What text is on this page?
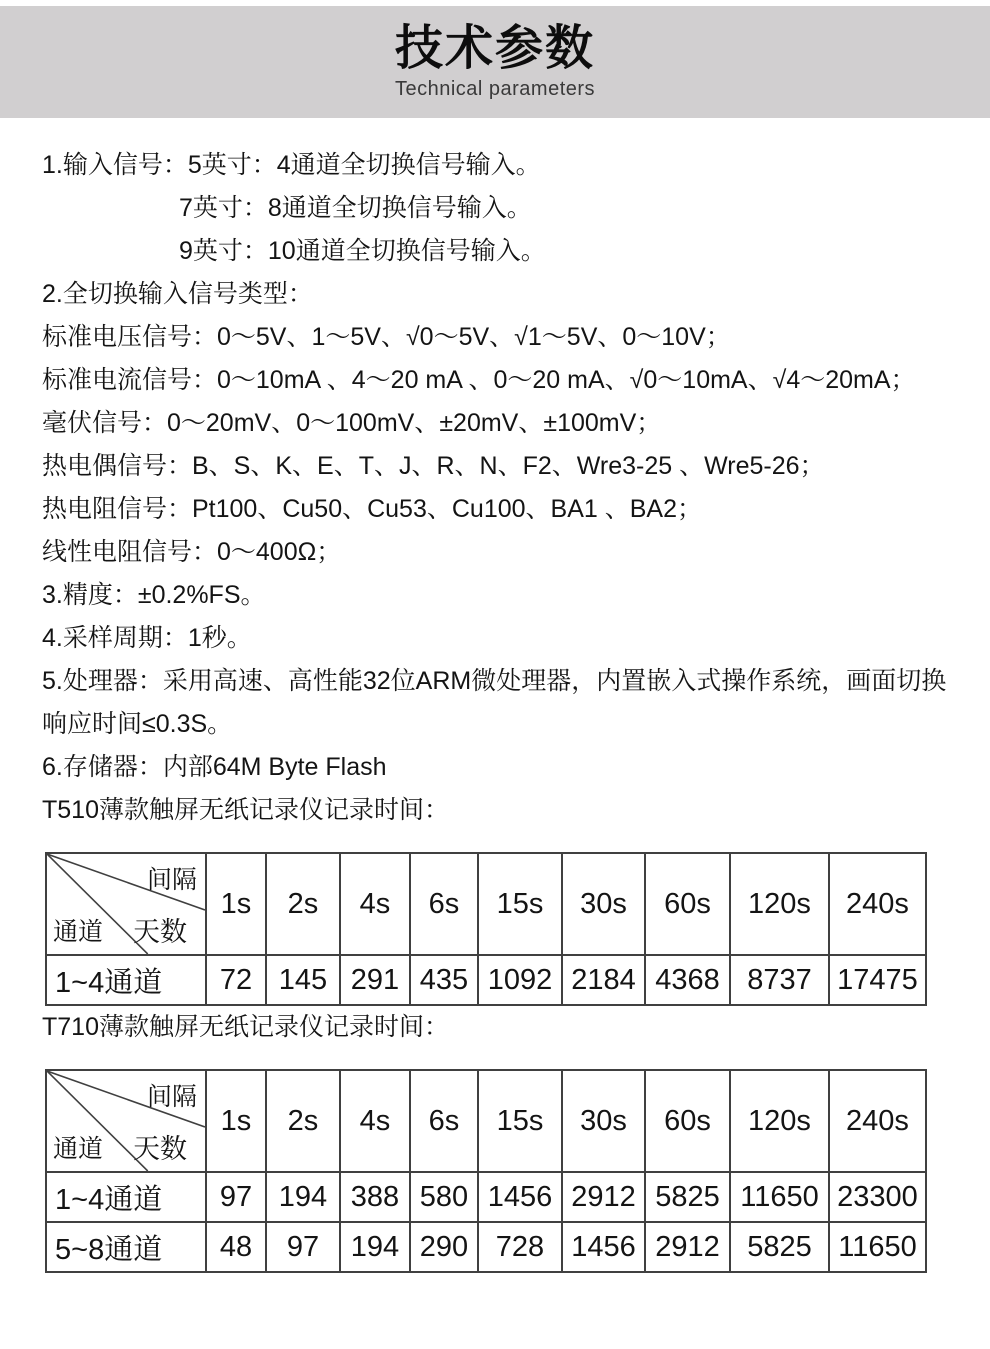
技术参数
Technical parameters

1.输入信号：5英寸：4通道全切换信号输入。

7英寸：8通道全切换信号输入。

9英寸：10通道全切换信号输入。

2.全切换输入信号类型：

标准电压信号：0～5V、1～5V、√0～5V、√1～5V、0～10V；

标准电流信号：0～10mA 、4～20 mA 、0～20 mA、√0～10mA、√4～20mA；

毫伏信号：0～20mV、0～100mV、±20mV、±100mV；

热电偶信号：B、S、K、E、T、J、R、N、F2、Wre3-25 、Wre5-26；

热电阻信号：Pt100、Cu50、Cu53、Cu100、BA1 、BA2；

线性电阻信号：0～400Ω；

3.精度：±0.2%FS。

4.采样周期：1秒。

5.处理器：采用高速、高性能32位ARM微处理器，内置嵌入式操作系统，画面切换

响应时间≤0.3S。

6.存储器：内部64M Byte Flash

T510薄款触屏无纸记录仪记录时间：

间隔
天数
通道	1s	2s	4s	6s	15s	30s	60s	120s	240s
1~4通道	72	145	291	435	1092	2184	4368	8737	17475

T710薄款触屏无纸记录仪记录时间：

间隔
天数
通道	1s	2s	4s	6s	15s	30s	60s	120s	240s
1~4通道	97	194	388	580	1456	2912	5825	11650	23300
5~8通道	48	97	194	290	728	1456	2912	5825	11650
